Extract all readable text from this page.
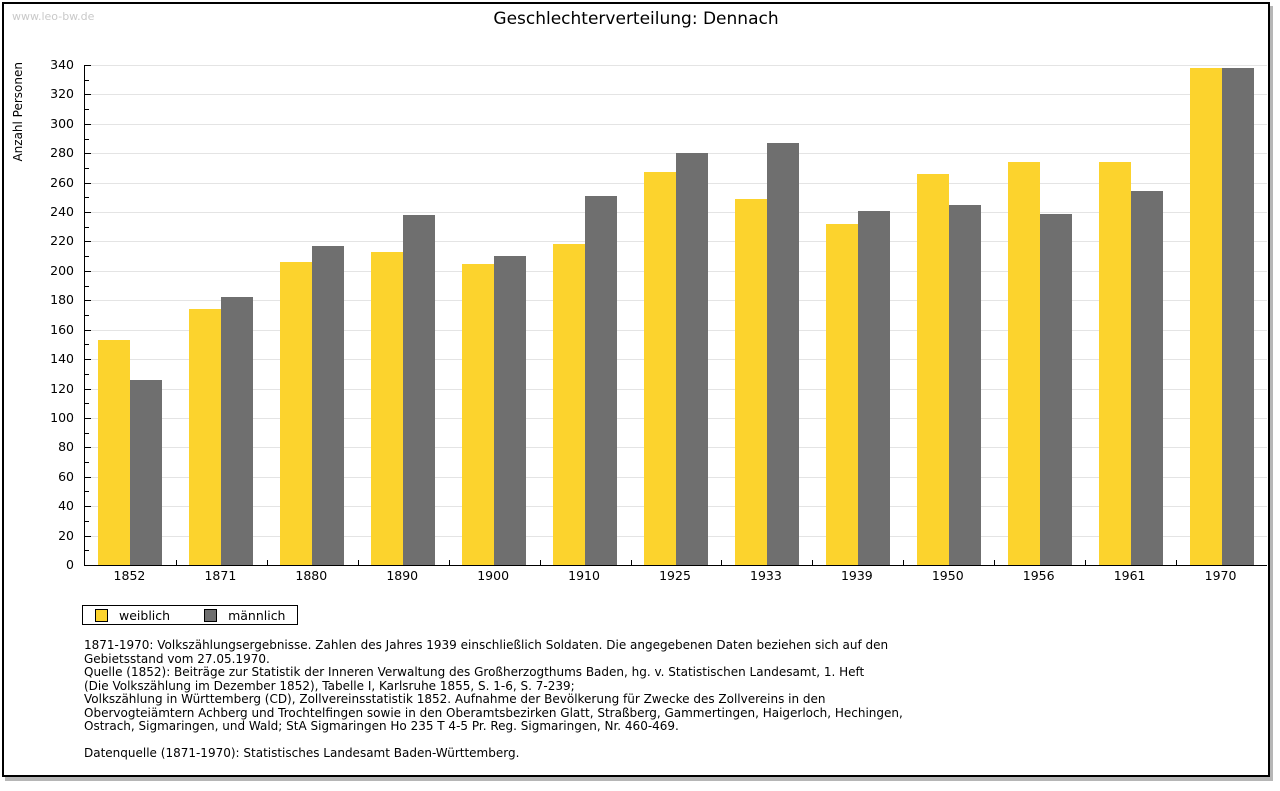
www.leo-bw.de	Geschlechterverteilung: Dennach
Anzahl Personen
0
20
40
60
80
100
120
140
160
180
200
220
240
260
280
300
320
340
1852	1871	1880	1890	1900	1910	1925	1933	1939	1950	1956	1961	1970
weiblich	männlich
1871-1970: Volkszählungsergebnisse. Zahlen des Jahres 1939 einschließlich Soldaten. Die angegebenen Daten beziehen sich auf den
Gebietsstand vom 27.05.1970.
Quelle (1852): Beiträge zur Statistik der Inneren Verwaltung des Großherzogthums Baden, hg. v. Statistischen Landesamt, 1. Heft
(Die Volkszählung im Dezember 1852), Tabelle I, Karlsruhe 1855, S. 1-6, S. 7-239;
Volkszählung in Württemberg (CD), Zollvereinsstatistik 1852. Aufnahme der Bevölkerung für Zwecke des Zollvereins in den
Obervogteiämtern Achberg und Trochtelfingen sowie in den Oberamtsbezirken Glatt, Straßberg, Gammertingen, Haigerloch, Hechingen,
Ostrach, Sigmaringen, und Wald; StA Sigmaringen Ho 235 T 4-5 Pr. Reg. Sigmaringen, Nr. 460-469.
Datenquelle (1871-1970): Statistisches Landesamt Baden-Württemberg.
